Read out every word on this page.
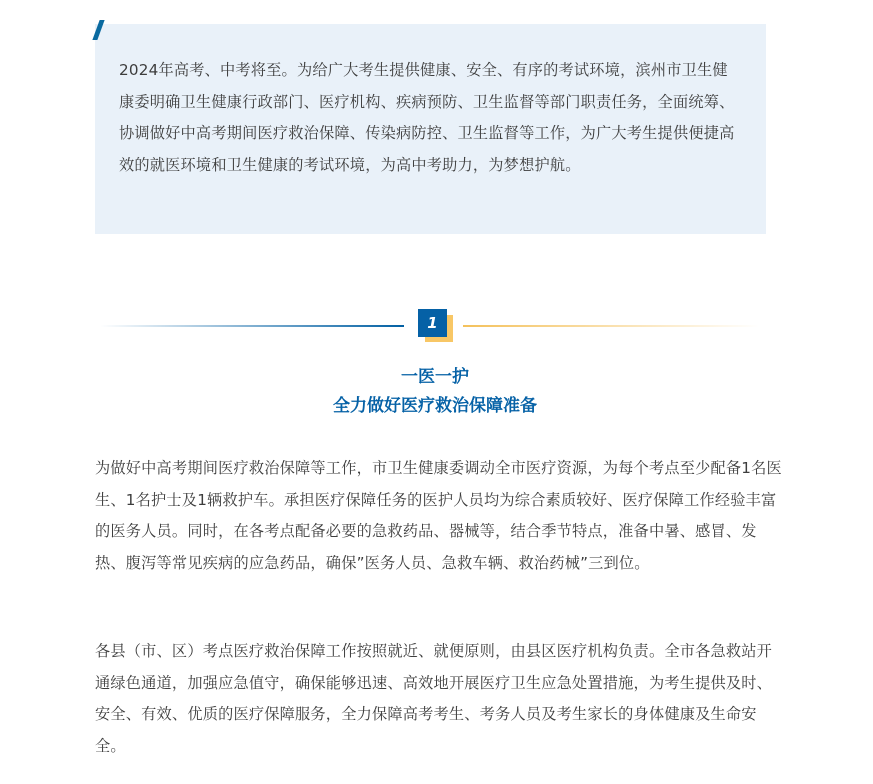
2024年高考、中考将至。为给广大考生提供健康、安全、有序的考试环境，滨州市卫生健康委明确卫生健康行政部门、医疗机构、疾病预防、卫生监督等部门职责任务，全面统筹、协调做好中高考期间医疗救治保障、传染病防控、卫生监督等工作，为广大考生提供便捷高效的就医环境和卫生健康的考试环境，为高中考助力，为梦想护航。

1
一医一护
全力做好医疗救治保障准备

为做好中高考期间医疗救治保障等工作，市卫生健康委调动全市医疗资源，为每个考点至少配备1名医生、1名护士及1辆救护车。承担医疗保障任务的医护人员均为综合素质较好、医疗保障工作经验丰富的医务人员。同时，在各考点配备必要的急救药品、器械等，结合季节特点，准备中暑、感冒、发热、腹泻等常见疾病的应急药品，确保”医务人员、急救车辆、救治药械”三到位。

各县（市、区）考点医疗救治保障工作按照就近、就便原则，由县区医疗机构负责。全市各急救站开通绿色通道，加强应急值守，确保能够迅速、高效地开展医疗卫生应急处置措施，为考生提供及时、安全、有效、优质的医疗保障服务，全力保障高考考生、考务人员及考生家长的身体健康及生命安全。
